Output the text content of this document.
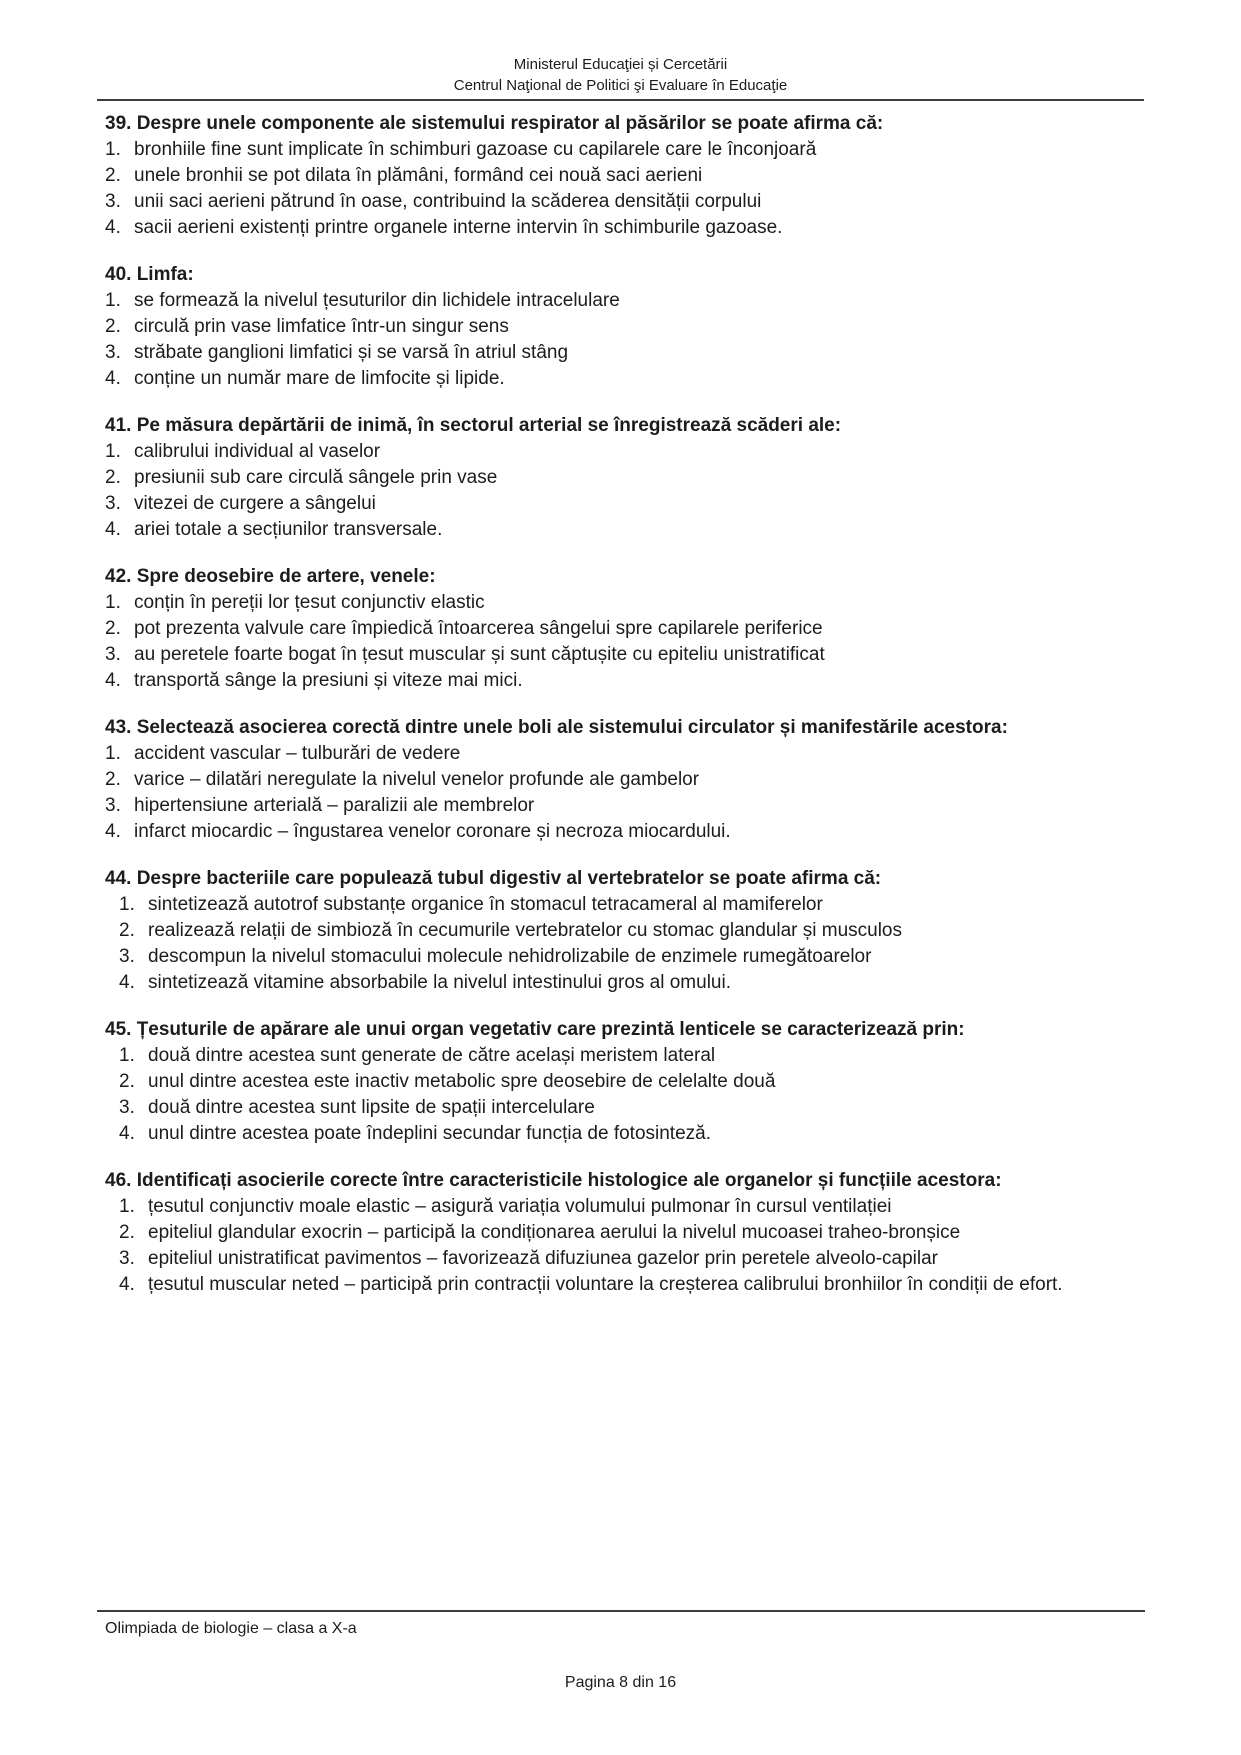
Ministerul Educaţiei și Cercetării
Centrul Naţional de Politici şi Evaluare în Educaţie
39. Despre unele componente ale sistemului respirator al păsărilor se poate afirma că:
1. bronhiile fine sunt implicate în schimburi gazoase cu capilarele care le înconjoară
2. unele bronhii se pot dilata în plămâni, formând cei nouă saci aerieni
3. unii saci aerieni pătrund în oase, contribuind la scăderea densității corpului
4. sacii aerieni existenți printre organele interne intervin în schimburile gazoase.
40. Limfa:
1. se formează la nivelul țesuturilor din lichidele intracelulare
2. circulă prin vase limfatice într-un singur sens
3. străbate ganglioni limfatici și se varsă în atriul stâng
4. conține un număr mare de limfocite și lipide.
41. Pe măsura depărtării de inimă, în sectorul arterial se înregistrează scăderi ale:
1. calibrului individual al vaselor
2. presiunii sub care circulă sângele prin vase
3. vitezei de curgere a sângelui
4. ariei totale a secțiunilor transversale.
42. Spre deosebire de artere, venele:
1. conțin în pereții lor țesut conjunctiv elastic
2. pot prezenta valvule care împiedică întoarcerea sângelui spre capilarele periferice
3. au peretele foarte bogat în țesut muscular și sunt căptușite cu epiteliu unistratificat
4. transportă sânge la presiuni și viteze mai mici.
43. Selectează asocierea corectă dintre unele boli ale sistemului circulator și manifestările acestora:
1. accident vascular – tulburări de vedere
2. varice – dilatări neregulate la nivelul venelor profunde ale gambelor
3. hipertensiune arterială – paralizii ale membrelor
4. infarct miocardic – îngustarea venelor coronare și necroza miocardului.
44. Despre bacteriile care populează tubul digestiv al vertebratelor se poate afirma că:
1. sintetizează autotrof substanțe organice în stomacul tetracameral al mamiferelor
2. realizează relații de simbioză în cecumurile vertebratelor cu stomac glandular și musculos
3. descompun la nivelul stomacului molecule nehidrolizabile de enzimele rumegătoarelor
4. sintetizează vitamine absorbabile la nivelul intestinului gros al omului.
45. Țesuturile de apărare ale unui organ vegetativ care prezintă lenticele se caracterizează prin:
1. două dintre acestea sunt generate de către același meristem lateral
2. unul dintre acestea este inactiv metabolic spre deosebire de celelalte două
3. două dintre acestea sunt lipsite de spații intercelulare
4. unul dintre acestea poate îndeplini secundar funcția de fotosinteză.
46. Identificați asocierile corecte între caracteristicile histologice ale organelor și funcțiile acestora:
1. țesutul conjunctiv moale elastic – asigură variația volumului pulmonar în cursul ventilației
2. epiteliul glandular exocrin – participă la condiționarea aerului la nivelul mucoasei traheo-bronșice
3. epiteliul unistratificat pavimentos – favorizează difuziunea gazelor prin peretele alveolo-capilar
4. țesutul muscular neted – participă prin contracții voluntare la creșterea calibrului bronhiilor în condiții de efort.
Olimpiada de biologie – clasa a X-a
Pagina 8 din 16
